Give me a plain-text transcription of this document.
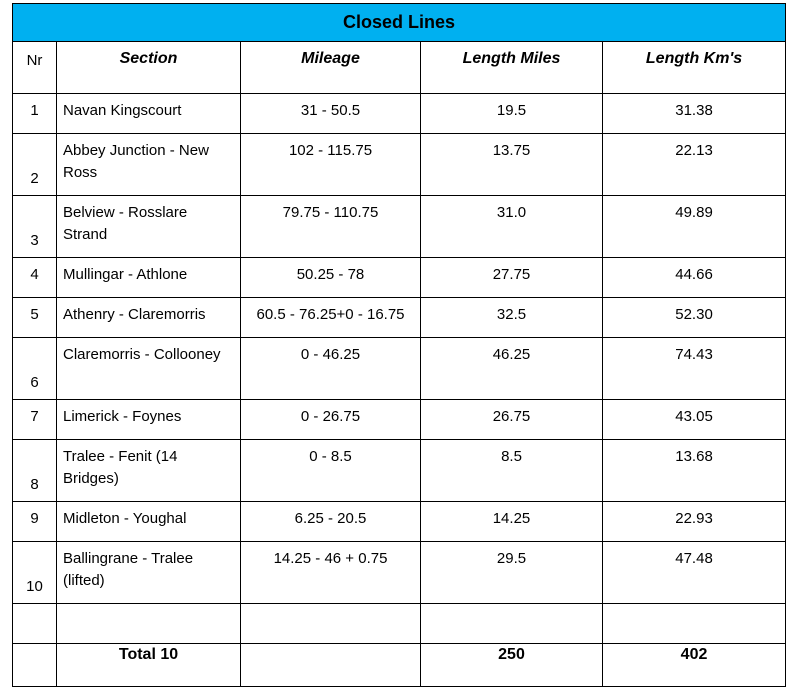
Closed Lines				
Nr	Section	Mileage	Length Miles	Length Km's
1	Navan Kingscourt	31 - 50.5	19.5	31.38
2	Abbey Junction - New Ross	102 - 115.75	13.75	22.13
3	Belview - Rosslare Strand	79.75 - 110.75	31.0	49.89
4	Mullingar - Athlone	50.25 - 78	27.75	44.66
5	Athenry - Claremorris	60.5 - 76.25+0 - 16.75	32.5	52.30
6	Claremorris - Collooney	0 - 46.25	46.25	74.43
7	Limerick - Foynes	0 - 26.75	26.75	43.05
8	Tralee - Fenit (14 Bridges)	0 - 8.5	8.5	13.68
9	Midleton - Youghal	6.25 - 20.5	14.25	22.93
10	Ballingrane - Tralee (lifted)	14.25 - 46 + 0.75	29.5	47.48

	Total 10		250	402
